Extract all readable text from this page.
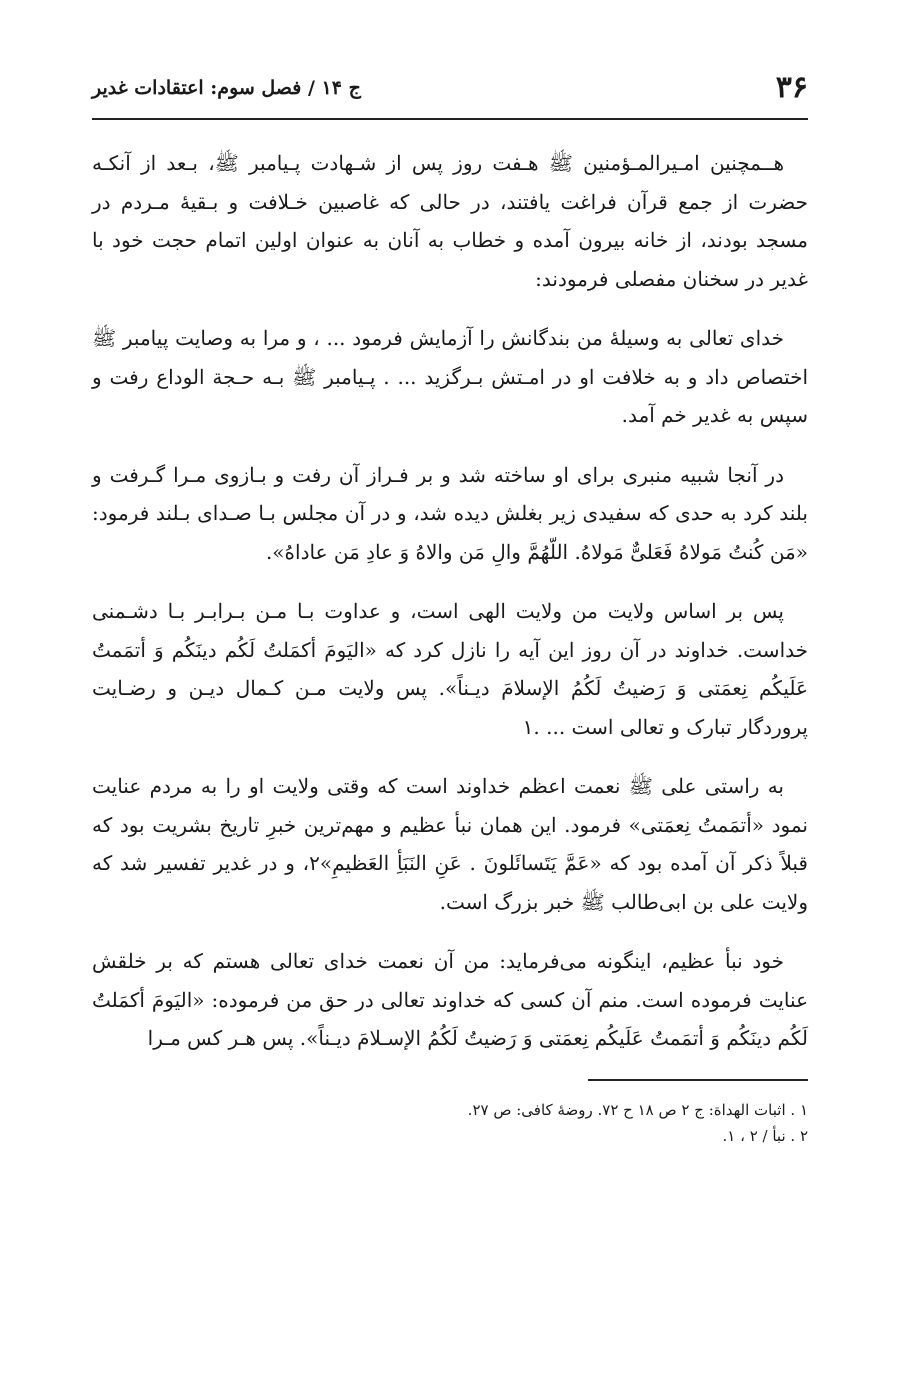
۳۶
ج ۱۴ / فصل سوم: اعتقادات غدیر

هــمچنین امـیرالمـؤمنین ﷺ هـفت روز پس از شـهادت پـیامبر ﷺ، بـعد از آنکـه حضرت از جمع قرآن فراغت یافتند، در حالی که غاصبین خـلافت و بـقیهٔ مـردم در مسجد بودند، از خانه بیرون آمده و خطاب به آنان به عنوان اولین اتمام حجت خود با غدیر در سخنان مفصلی فرمودند:

خدای تعالی به وسیلهٔ من بندگانش را آزمایش فرمود ... ، و مرا به وصایت پیامبر ﷺ اختصاص داد و به خلافت او در امـتش بـرگزید ... . پـیامبر ﷺ بـه حـجة الوداع رفت و سپس به غدیر خم آمد.

در آنجا شبیه منبری برای او ساخته شد و بر فـراز آن رفت و بـازوی مـرا گـرفت و بلند کرد به حدی که سفیدی زیر بغلش دیده شد، و در آن مجلس بـا صـدای بـلند فرمود: «مَن کُنتُ مَولاهُ فَعَلیٌّ مَولاهُ. اللّهُمَّ والِ مَن والاهُ وَ عادِ مَن عاداهُ».

پس بر اساس ولایت من ولایت الهی است، و عداوت بـا مـن بـرابـر بـا دشـمنی خداست. خداوند در آن روز این آیه را نازل کرد که «الیَومَ أکمَلتُ لَکُم دینَکُم وَ أتمَمتُ عَلَیکُم نِعمَتی وَ رَضیتُ لَکُمُ الإسلامَ دیـناً». پس ولایت مـن کـمال دیـن و رضـایت پروردگار تبارک و تعالی است ... .۱

به راستی علی ﷺ نعمت اعظم خداوند است که وقتی ولایت او را به مردم عنایت نمود «أتمَمتُ نِعمَتی» فرمود. این همان نبأ عظیم و مهم‌ترین خبرِ تاریخ بشریت بود که قبلاً ذکر آن آمده بود که «عَمَّ یَتَسائَلونَ . عَنِ النَبَأِ العَظیمِ»۲، و در غدیر تفسیر شد که ولایت علی بن ابی‌طالب ﷺ خبر بزرگ است.

خود نبأ عظیم، اینگونه می‌فرماید: من آن نعمت خدای تعالی هستم که بر خلقش عنایت فرموده است. منم آن کسی که خداوند تعالی در حق من فرموده: «الیَومَ أکمَلتُ لَکُم دینَکُم وَ أتمَمتُ عَلَیکُم نِعمَتی وَ رَضیتُ لَکُمُ الإسـلامَ دیـناً». پس هـر کس مـرا

۱ . اثبات الهداة: ج ۲ ص ۱۸ ح ۷۲. روضهٔ کافی: ص ۲۷.

۲ . نبأ / ۲ ، ۱.
